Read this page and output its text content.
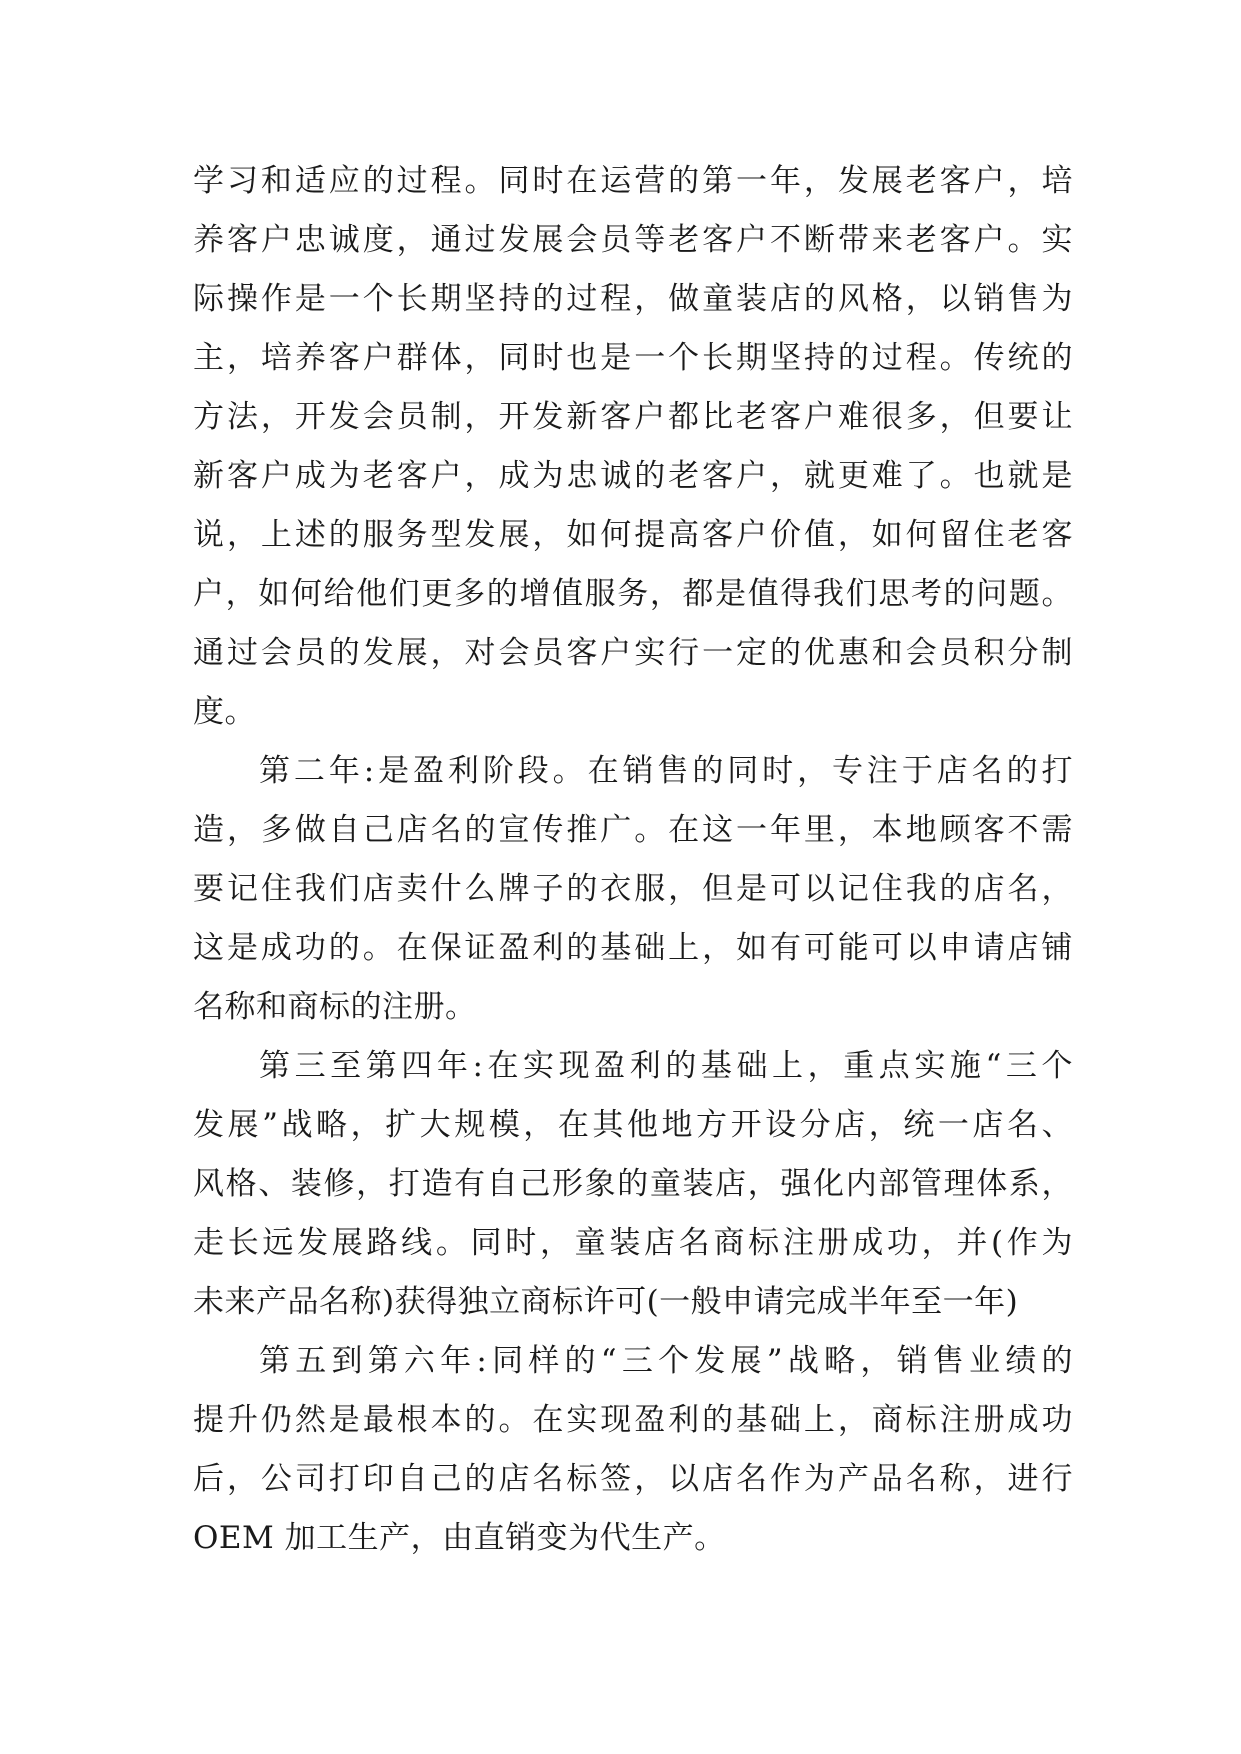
学习和适应的过程。同时在运营的第一年，发展老客户，培
养客户忠诚度，通过发展会员等老客户不断带来老客户。实
际操作是一个长期坚持的过程，做童装店的风格，以销售为
主，培养客户群体，同时也是一个长期坚持的过程。传统的
方法，开发会员制，开发新客户都比老客户难很多，但要让
新客户成为老客户，成为忠诚的老客户，就更难了。也就是
说，上述的服务型发展，如何提高客户价值，如何留住老客
户，如何给他们更多的增值服务，都是值得我们思考的问题。
通过会员的发展，对会员客户实行一定的优惠和会员积分制
度。
第二年:是盈利阶段。在销售的同时，专注于店名的打
造，多做自己店名的宣传推广。在这一年里，本地顾客不需
要记住我们店卖什么牌子的衣服，但是可以记住我的店名，
这是成功的。在保证盈利的基础上，如有可能可以申请店铺
名称和商标的注册。
第三至第四年:在实现盈利的基础上，重点实施“三个
发展”战略，扩大规模，在其他地方开设分店，统一店名、
风格、装修，打造有自己形象的童装店，强化内部管理体系，
走长远发展路线。同时，童装店名商标注册成功，并(作为
未来产品名称)获得独立商标许可(一般申请完成半年至一年)
第五到第六年:同样的“三个发展”战略，销售业绩的
提升仍然是最根本的。在实现盈利的基础上，商标注册成功
后，公司打印自己的店名标签，以店名作为产品名称，进行
OEM 加工生产，由直销变为代生产。
